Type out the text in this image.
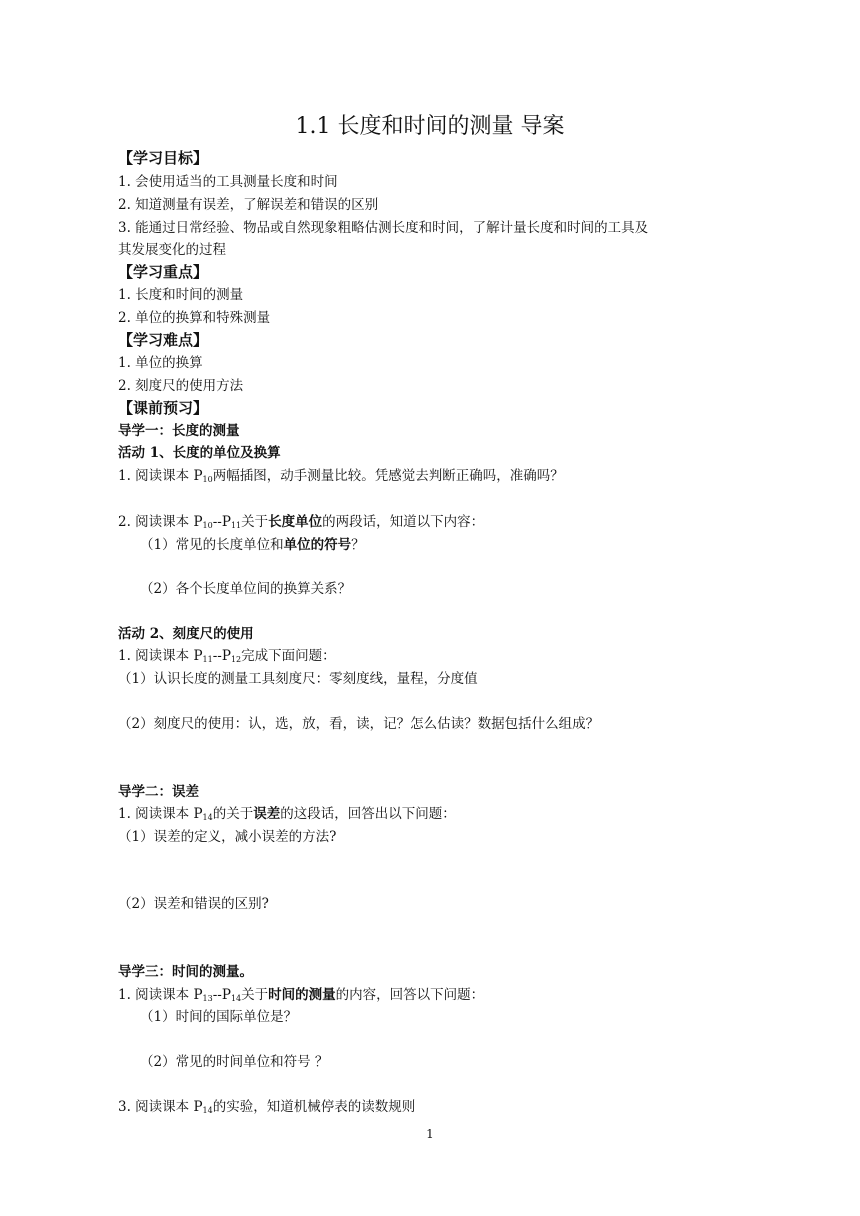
1.1 长度和时间的测量 导案
【学习目标】
1. 会使用适当的工具测量长度和时间
2. 知道测量有误差，了解误差和错误的区别
3. 能通过日常经验、物品或自然现象粗略估测长度和时间，了解计量长度和时间的工具及
其发展变化的过程
【学习重点】
1. 长度和时间的测量
2. 单位的换算和特殊测量
【学习难点】
1. 单位的换算
2. 刻度尺的使用方法
【课前预习】
导学一：长度的测量
活动 1、长度的单位及换算
1. 阅读课本 $P_{10}$两幅插图，动手测量比较。凭感觉去判断正确吗，准确吗？
2. 阅读课本 $P_{10}--P_{11}$关于长度单位的两段话，知道以下内容：
（1）常见的长度单位和单位的符号？
（2）各个长度单位间的换算关系？
活动 2、刻度尺的使用
1. 阅读课本 $P_{11}--P_{12}$完成下面问题：
（1）认识长度的测量工具刻度尺：零刻度线，量程，分度值
（2）刻度尺的使用：认，选，放，看，读，记？怎么估读？数据包括什么组成？
导学二：误差
1. 阅读课本 $P_{14}$的关于误差的这段话，回答出以下问题：
（1）误差的定义，减小误差的方法?
（2）误差和错误的区别?
导学三：时间的测量。
1. 阅读课本 $P_{13}--P_{14}$关于时间的测量的内容，回答以下问题：
（1）时间的国际单位是？
（2）常见的时间单位和符号 ？
3. 阅读课本 $P_{14}$的实验，知道机械停表的读数规则
1
